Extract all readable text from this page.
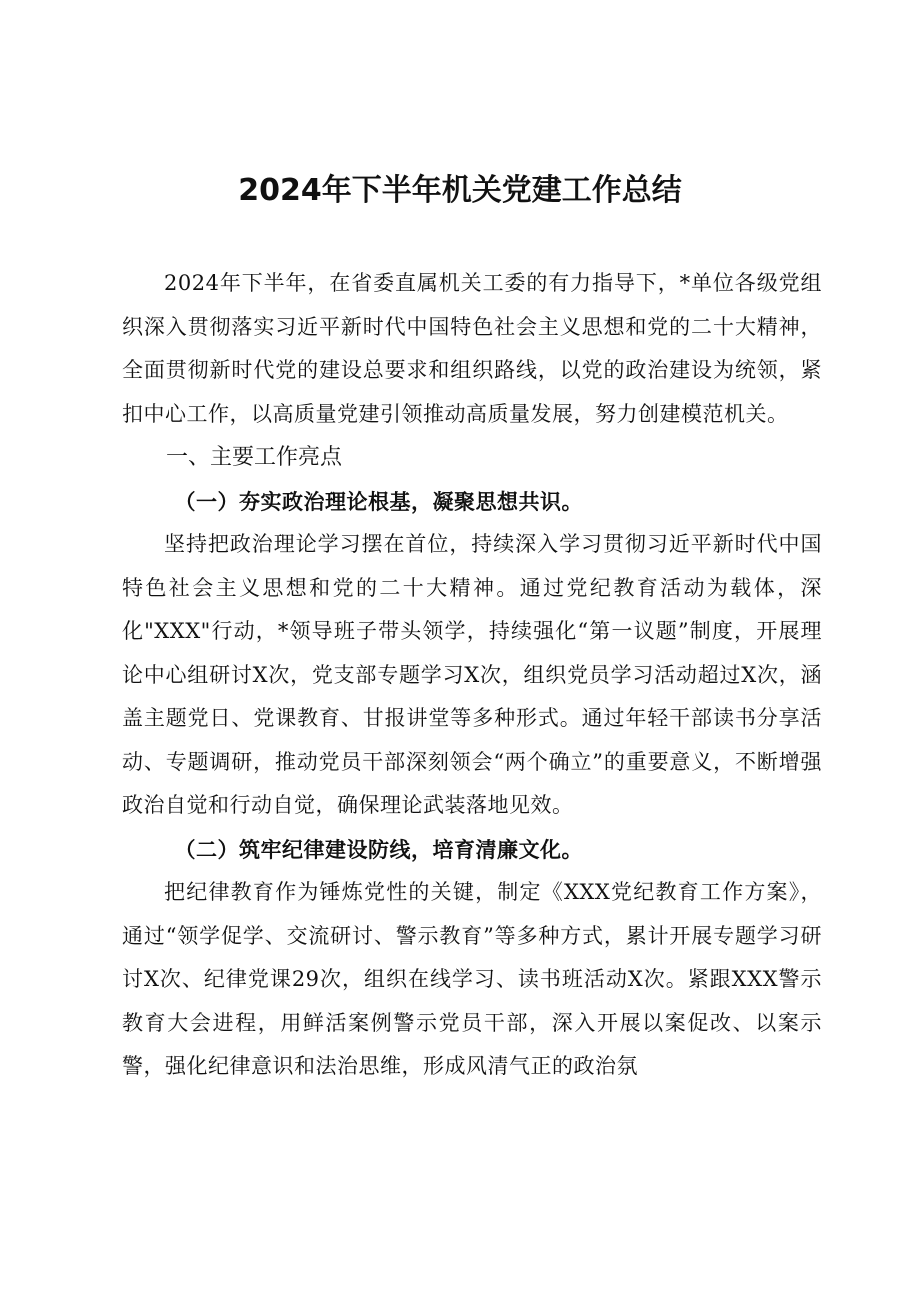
2024年下半年机关党建工作总结

2024年下半年，在省委直属机关工委的有力指导下，*单位各级党组织深入贯彻落实习近平新时代中国特色社会主义思想和党的二十大精神，全面贯彻新时代党的建设总要求和组织路线，以党的政治建设为统领，紧扣中心工作，以高质量党建引领推动高质量发展，努力创建模范机关。

一、主要工作亮点
（一）夯实政治理论根基，凝聚思想共识。

坚持把政治理论学习摆在首位，持续深入学习贯彻习近平新时代中国特色社会主义思想和党的二十大精神。通过党纪教育活动为载体，深化"XXX"行动，*领导班子带头领学，持续强化“第一议题”制度，开展理论中心组研讨X次，党支部专题学习X次，组织党员学习活动超过X次，涵盖主题党日、党课教育、甘报讲堂等多种形式。通过年轻干部读书分享活动、专题调研，推动党员干部深刻领会“两个确立”的重要意义，不断增强政治自觉和行动自觉，确保理论武装落地见效。

（二）筑牢纪律建设防线，培育清廉文化。

把纪律教育作为锤炼党性的关键，制定《XXX党纪教育工作方案》，通过“领学促学、交流研讨、警示教育”等多种方式，累计开展专题学习研讨X次、纪律党课29次，组织在线学习、读书班活动X次。紧跟XXX警示教育大会进程，用鲜活案例警示党员干部，深入开展以案促改、以案示警，强化纪律意识和法治思维，形成风清气正的政治氛
